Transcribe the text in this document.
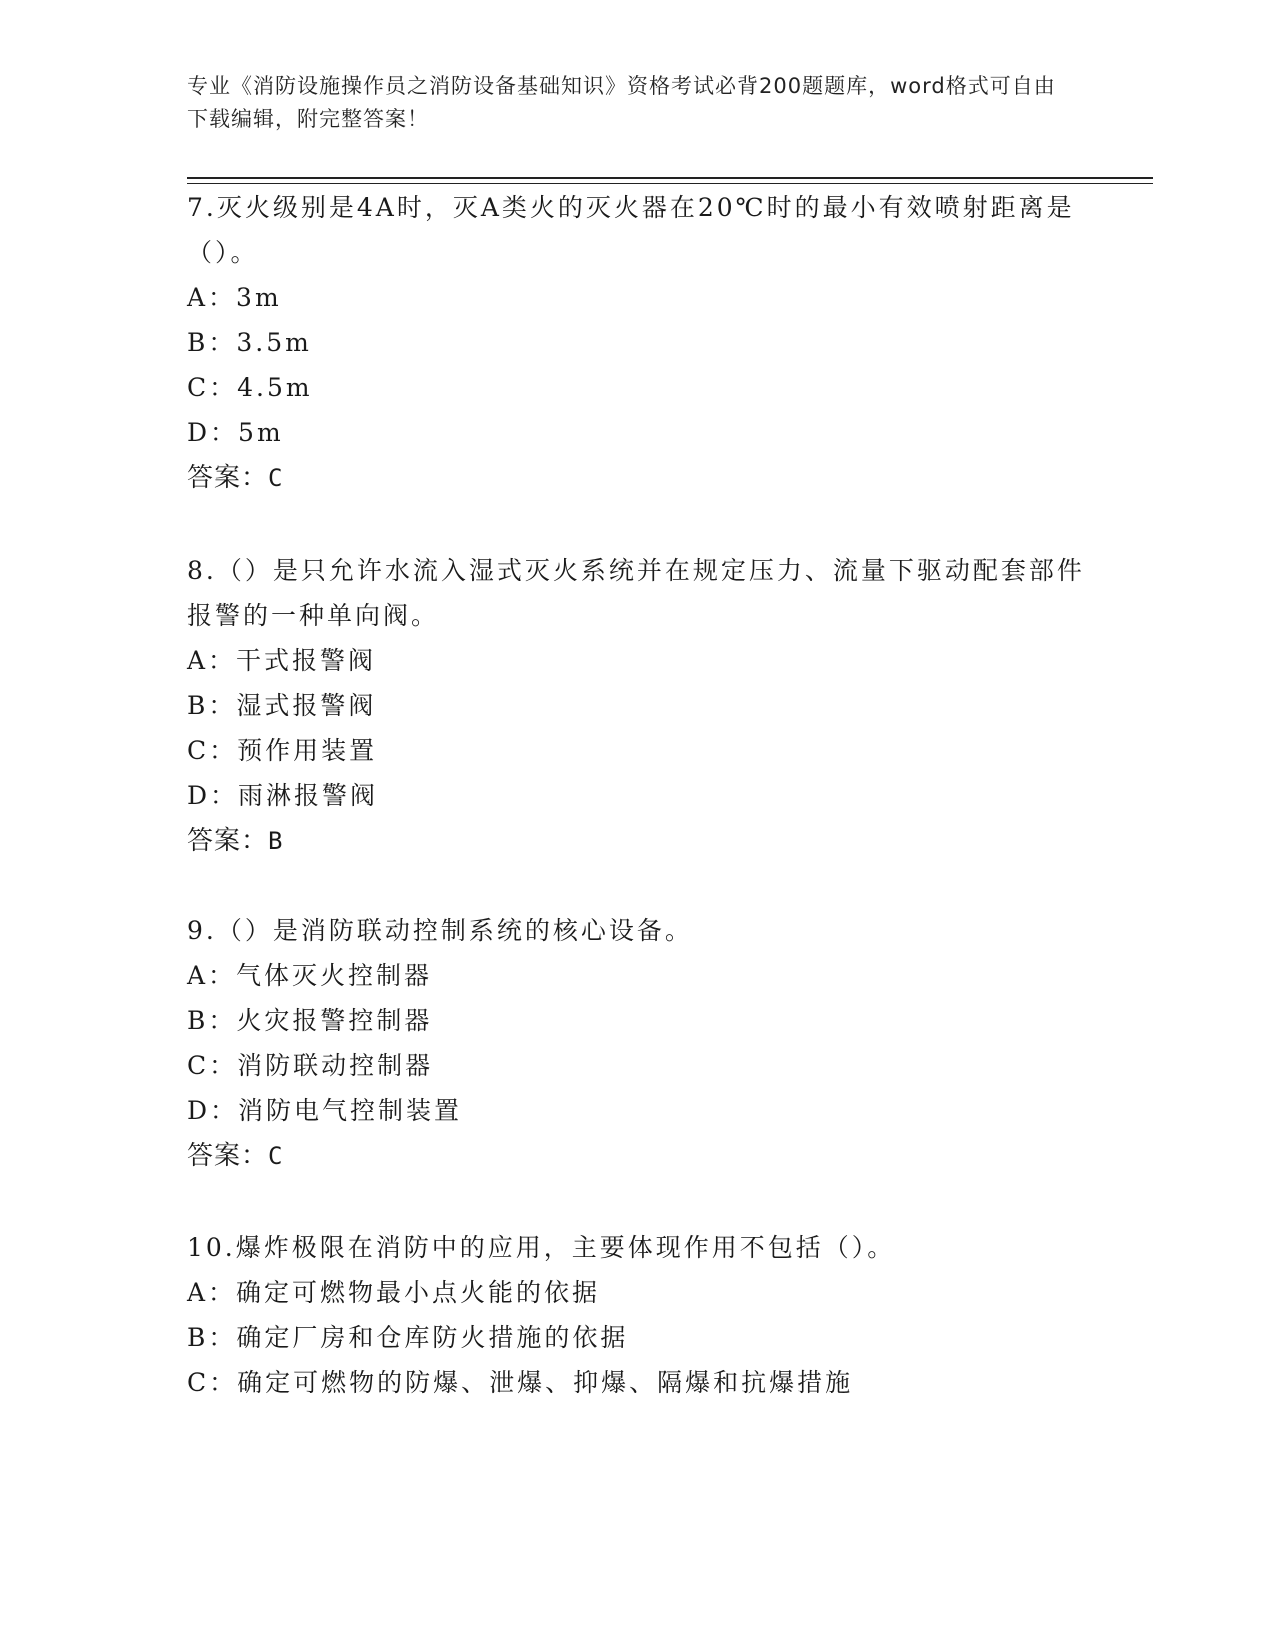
专业《消防设施操作员之消防设备基础知识》资格考试必背200题题库，word格式可自由下载编辑，附完整答案！

7.灭火级别是4A时，灭A类火的灭火器在20℃时的最小有效喷射距离是（）。

A：3m

B：3.5m

C：4.5m

D：5m

答案：C

8.（）是只允许水流入湿式灭火系统并在规定压力、流量下驱动配套部件报警的一种单向阀。

A：干式报警阀

B：湿式报警阀

C：预作用装置

D：雨淋报警阀

答案：B

9.（）是消防联动控制系统的核心设备。

A：气体灭火控制器

B：火灾报警控制器

C：消防联动控制器

D：消防电气控制装置

答案：C

10.爆炸极限在消防中的应用，主要体现作用不包括（）。

A：确定可燃物最小点火能的依据

B：确定厂房和仓库防火措施的依据

C：确定可燃物的防爆、泄爆、抑爆、隔爆和抗爆措施
